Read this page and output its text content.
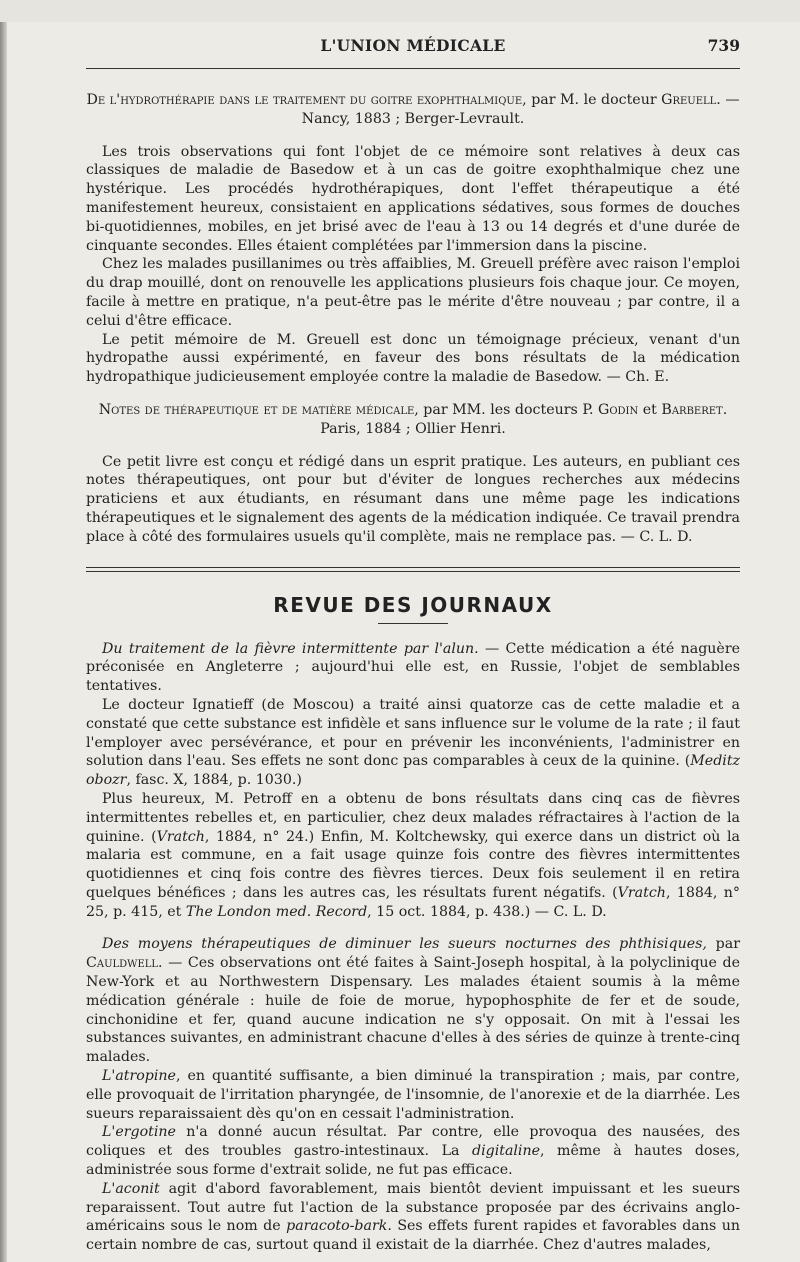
L'UNION MÉDICALE	739
De l'hydrothérapie dans le traitement du goitre exophthalmique, par M. le docteur Greuell. — Nancy, 1883 ; Berger-Levrault.

Les trois observations qui font l'objet de ce mémoire sont relatives à deux cas classiques de maladie de Basedow et à un cas de goitre exophthalmique chez une hystérique. Les procédés hydrothérapiques, dont l'effet thérapeutique a été manifestement heureux, consistaient en applications sédatives, sous formes de douches bi-quotidiennes, mobiles, en jet brisé avec de l'eau à 13 ou 14 degrés et d'une durée de cinquante secondes. Elles étaient complétées par l'immersion dans la piscine.

Chez les malades pusillanimes ou très affaiblies, M. Greuell préfère avec raison l'emploi du drap mouillé, dont on renouvelle les applications plusieurs fois chaque jour. Ce moyen, facile à mettre en pratique, n'a peut-être pas le mérite d'être nouveau ; par contre, il a celui d'être efficace.

Le petit mémoire de M. Greuell est donc un témoignage précieux, venant d'un hydropathe aussi expérimenté, en faveur des bons résultats de la médication hydropathique judicieusement employée contre la maladie de Basedow. — Ch. E.

Notes de thérapeutique et de matière médicale, par MM. les docteurs P. Godin et Barberet. Paris, 1884 ; Ollier Henri.

Ce petit livre est conçu et rédigé dans un esprit pratique. Les auteurs, en publiant ces notes thérapeutiques, ont pour but d'éviter de longues recherches aux médecins praticiens et aux étudiants, en résumant dans une même page les indications thérapeutiques et le signalement des agents de la médication indiquée. Ce travail prendra place à côté des formulaires usuels qu'il complète, mais ne remplace pas. — C. L. D.

REVUE DES JOURNAUX

Du traitement de la fièvre intermittente par l'alun. — Cette médication a été naguère préconisée en Angleterre ; aujourd'hui elle est, en Russie, l'objet de semblables tentatives.

Le docteur Ignatieff (de Moscou) a traité ainsi quatorze cas de cette maladie et a constaté que cette substance est infidèle et sans influence sur le volume de la rate ; il faut l'employer avec persévérance, et pour en prévenir les inconvénients, l'administrer en solution dans l'eau. Ses effets ne sont donc pas comparables à ceux de la quinine. (Meditz obozr, fasc. X, 1884, p. 1030.)

Plus heureux, M. Petroff en a obtenu de bons résultats dans cinq cas de fièvres intermittentes rebelles et, en particulier, chez deux malades réfractaires à l'action de la quinine. (Vratch, 1884, n° 24.) Enfin, M. Koltchewsky, qui exerce dans un district où la malaria est commune, en a fait usage quinze fois contre des fièvres intermittentes quotidiennes et cinq fois contre des fièvres tierces. Deux fois seulement il en retira quelques bénéfices ; dans les autres cas, les résultats furent négatifs. (Vratch, 1884, n° 25, p. 415, et The London med. Record, 15 oct. 1884, p. 438.) — C. L. D.

Des moyens thérapeutiques de diminuer les sueurs nocturnes des phthisiques, par Cauldwell. — Ces observations ont été faites à Saint-Joseph hospital, à la polyclinique de New-York et au Northwestern Dispensary. Les malades étaient soumis à la même médication générale : huile de foie de morue, hypophosphite de fer et de soude, cinchonidine et fer, quand aucune indication ne s'y opposait. On mit à l'essai les substances suivantes, en administrant chacune d'elles à des séries de quinze à trente-cinq malades.

L'atropine, en quantité suffisante, a bien diminué la transpiration ; mais, par contre, elle provoquait de l'irritation pharyngée, de l'insomnie, de l'anorexie et de la diarrhée. Les sueurs reparaissaient dès qu'on en cessait l'administration.

L'ergotine n'a donné aucun résultat. Par contre, elle provoqua des nausées, des coliques et des troubles gastro-intestinaux. La digitaline, même à hautes doses, administrée sous forme d'extrait solide, ne fut pas efficace.

L'aconit agit d'abord favorablement, mais bientôt devient impuissant et les sueurs reparaissent. Tout autre fut l'action de la substance proposée par des écrivains anglo-américains sous le nom de paracoto-bark. Ses effets furent rapides et favorables dans un certain nombre de cas, surtout quand il existait de la diarrhée. Chez d'autres malades,
